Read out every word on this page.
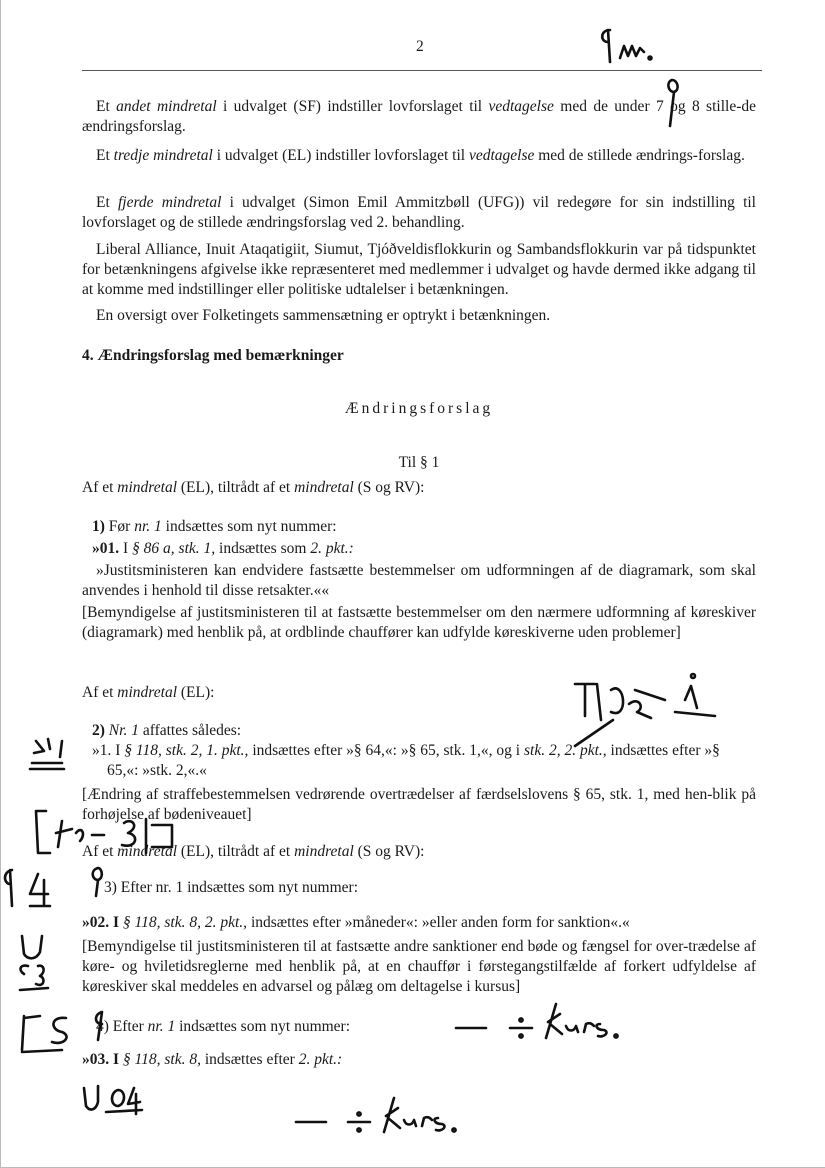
2
Et andet mindretal i udvalget (SF) indstiller lovforslaget til vedtagelse med de under 7 og 8 stille-de ændringsforslag.
Et tredje mindretal i udvalget (EL) indstiller lovforslaget til vedtagelse med de stillede ændrings-forslag.
Et fjerde mindretal i udvalget (Simon Emil Ammitzbøll (UFG)) vil redegøre for sin indstilling til lovforslaget og de stillede ændringsforslag ved 2. behandling.
Liberal Alliance, Inuit Ataqatigiit, Siumut, Tjóðveldisflokkurin og Sambandsflokkurin var på tidspunktet for betænkningens afgivelse ikke repræsenteret med medlemmer i udvalget og havde dermed ikke adgang til at komme med indstillinger eller politiske udtalelser i betænkningen.
En oversigt over Folketingets sammensætning er optrykt i betænkningen.
4. Ændringsforslag med bemærkninger
Ændringsforslag
Til § 1
Af et mindretal (EL), tiltrådt af et mindretal (S og RV):
1) Før nr. 1 indsættes som nyt nummer:
»01. I § 86 a, stk. 1, indsættes som 2. pkt.:
»Justitsministeren kan endvidere fastsætte bestemmelser om udformningen af de diagramark, som skal anvendes i henhold til disse retsakter.««
[Bemyndigelse af justitsministeren til at fastsætte bestemmelser om den nærmere udformning af køreskiver (diagramark) med henblik på, at ordblinde chauffører kan udfylde køreskiverne uden problemer]
Af et mindretal (EL):
2) Nr. 1 affattes således:
»1. I § 118, stk. 2, 1. pkt., indsættes efter »§ 64,«: »§ 65, stk. 1,«, og i stk. 2, 2. pkt., indsættes efter »§
65,«: »stk. 2,«.«
[Ændring af straffebestemmelsen vedrørende overtrædelser af færdselslovens § 65, stk. 1, med hen-blik på forhøjelse af bødeniveauet]
Af et mindretal (EL), tiltrådt af et mindretal (S og RV):
3) Efter nr. 1 indsættes som nyt nummer:
»02. I § 118, stk. 8, 2. pkt., indsættes efter »måneder«: »eller anden form for sanktion«.«
[Bemyndigelse til justitsministeren til at fastsætte andre sanktioner end bøde og fængsel for over-trædelse af køre- og hviletidsreglerne med henblik på, at en chauffør i førstegangstilfælde af forkert udfyldelse af køreskiver skal meddeles en advarsel og pålæg om deltagelse i kursus]
4) Efter nr. 1 indsættes som nyt nummer:
»03. I § 118, stk. 8, indsættes efter 2. pkt.:
